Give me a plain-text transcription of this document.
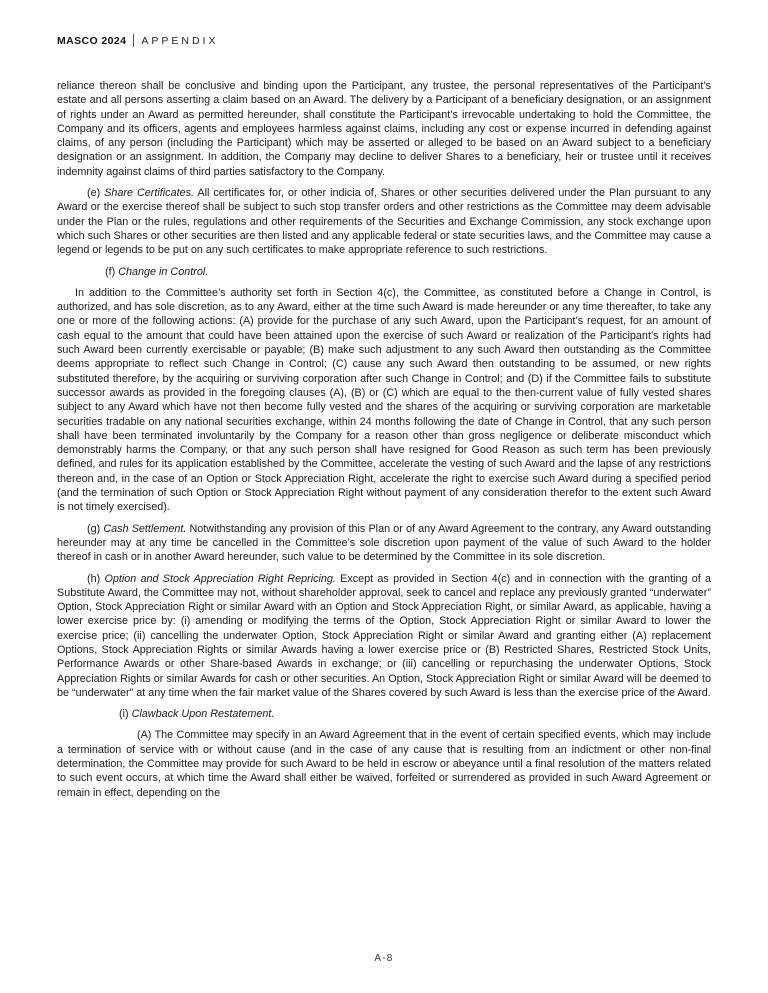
MASCO 2024 APPENDIX

reliance thereon shall be conclusive and binding upon the Participant, any trustee, the personal representatives of the Participant’s estate and all persons asserting a claim based on an Award. The delivery by a Participant of a beneficiary designation, or an assignment of rights under an Award as permitted hereunder, shall constitute the Participant’s irrevocable undertaking to hold the Committee, the Company and its officers, agents and employees harmless against claims, including any cost or expense incurred in defending against claims, of any person (including the Participant) which may be asserted or alleged to be based on an Award subject to a beneficiary designation or an assignment. In addition, the Company may decline to deliver Shares to a beneficiary, heir or trustee until it receives indemnity against claims of third parties satisfactory to the Company.

(e) Share Certificates. All certificates for, or other indicia of, Shares or other securities delivered under the Plan pursuant to any Award or the exercise thereof shall be subject to such stop transfer orders and other restrictions as the Committee may deem advisable under the Plan or the rules, regulations and other requirements of the Securities and Exchange Commission, any stock exchange upon which such Shares or other securities are then listed and any applicable federal or state securities laws, and the Committee may cause a legend or legends to be put on any such certificates to make appropriate reference to such restrictions.

(f) Change in Control.

In addition to the Committee’s authority set forth in Section 4(c), the Committee, as constituted before a Change in Control, is authorized, and has sole discretion, as to any Award, either at the time such Award is made hereunder or any time thereafter, to take any one or more of the following actions: (A) provide for the purchase of any such Award, upon the Participant’s request, for an amount of cash equal to the amount that could have been attained upon the exercise of such Award or realization of the Participant’s rights had such Award been currently exercisable or payable; (B) make such adjustment to any such Award then outstanding as the Committee deems appropriate to reflect such Change in Control; (C) cause any such Award then outstanding to be assumed, or new rights substituted therefore, by the acquiring or surviving corporation after such Change in Control; and (D) if the Committee fails to substitute successor awards as provided in the foregoing clauses (A), (B) or (C) which are equal to the then-current value of fully vested shares subject to any Award which have not then become fully vested and the shares of the acquiring or surviving corporation are marketable securities tradable on any national securities exchange, within 24 months following the date of Change in Control, that any such person shall have been terminated involuntarily by the Company for a reason other than gross negligence or deliberate misconduct which demonstrably harms the Company, or that any such person shall have resigned for Good Reason as such term has been previously defined, and rules for its application established by the Committee, accelerate the vesting of such Award and the lapse of any restrictions thereon and, in the case of an Option or Stock Appreciation Right, accelerate the right to exercise such Award during a specified period (and the termination of such Option or Stock Appreciation Right without payment of any consideration therefor to the extent such Award is not timely exercised).

(g) Cash Settlement. Notwithstanding any provision of this Plan or of any Award Agreement to the contrary, any Award outstanding hereunder may at any time be cancelled in the Committee’s sole discretion upon payment of the value of such Award to the holder thereof in cash or in another Award hereunder, such value to be determined by the Committee in its sole discretion.

(h) Option and Stock Appreciation Right Repricing. Except as provided in Section 4(c) and in connection with the granting of a Substitute Award, the Committee may not, without shareholder approval, seek to cancel and replace any previously granted “underwater” Option, Stock Appreciation Right or similar Award with an Option and Stock Appreciation Right, or similar Award, as applicable, having a lower exercise price by: (i) amending or modifying the terms of the Option, Stock Appreciation Right or similar Award to lower the exercise price; (ii) cancelling the underwater Option, Stock Appreciation Right or similar Award and granting either (A) replacement Options, Stock Appreciation Rights or similar Awards having a lower exercise price or (B) Restricted Shares, Restricted Stock Units, Performance Awards or other Share-based Awards in exchange; or (iii) cancelling or repurchasing the underwater Options, Stock Appreciation Rights or similar Awards for cash or other securities. An Option, Stock Appreciation Right or similar Award will be deemed to be “underwater” at any time when the fair market value of the Shares covered by such Award is less than the exercise price of the Award.

(i) Clawback Upon Restatement.

(A) The Committee may specify in an Award Agreement that in the event of certain specified events, which may include a termination of service with or without cause (and in the case of any cause that is resulting from an indictment or other non-final determination, the Committee may provide for such Award to be held in escrow or abeyance until a final resolution of the matters related to such event occurs, at which time the Award shall either be waived, forfeited or surrendered as provided in such Award Agreement or remain in effect, depending on the

A-8
